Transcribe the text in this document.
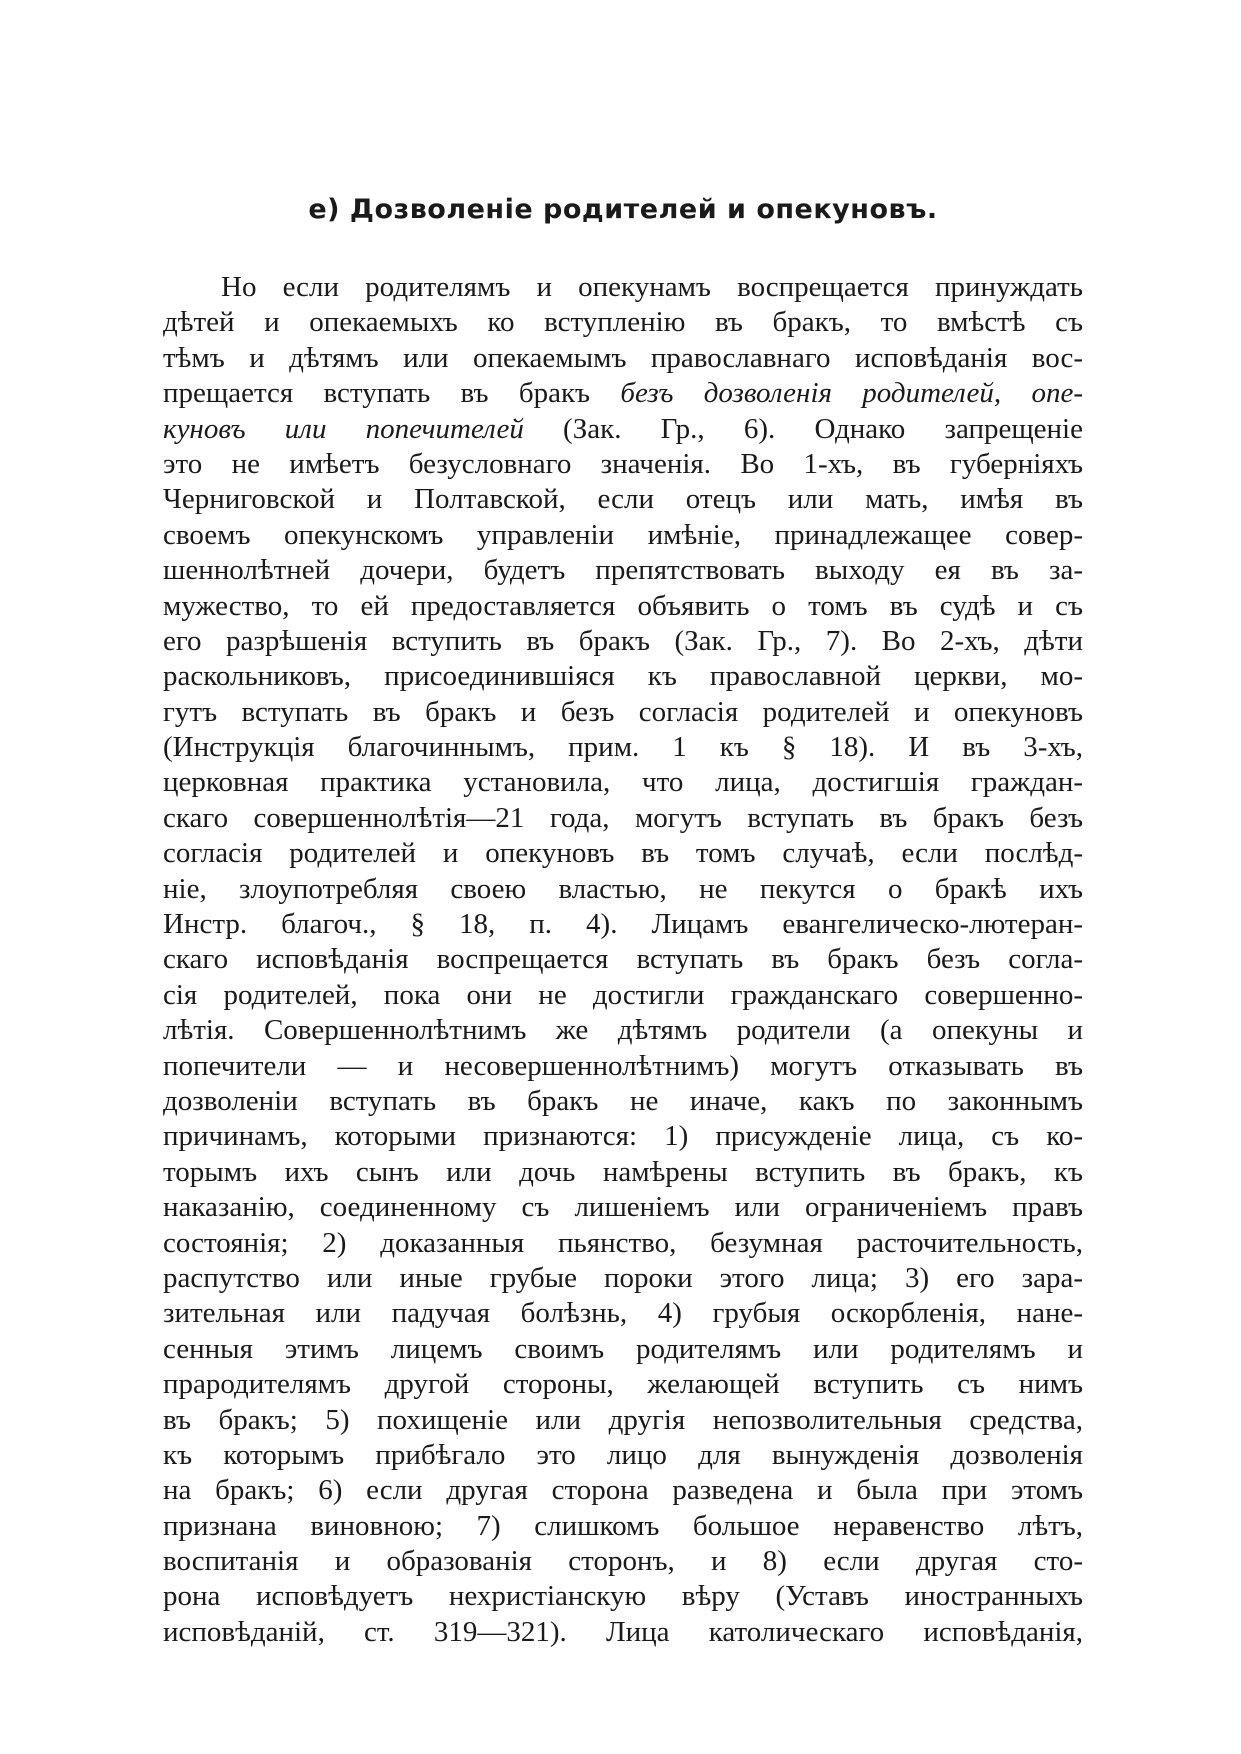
е) Дозволеніе родителей и опекуновъ.
Но если родителямъ и опекунамъ воспрещается принуждать
дѣтей и опекаемыхъ ко вступленію въ бракъ, то вмѣстѣ съ
тѣмъ и дѣтямъ или опекаемымъ православнаго исповѣданія вос-
прещается вступать въ бракъ безъ дозволенія родителей, опе-
куновъ или попечителей (Зак. Гр., 6). Однако запрещеніе
это не имѣетъ безусловнаго значенія. Во 1-хъ, въ губерніяхъ
Черниговской и Полтавской, если отецъ или мать, имѣя въ
своемъ опекунскомъ управленіи имѣніе, принадлежащее совер-
шеннолѣтней дочери, будетъ препятствовать выходу ея въ за-
мужество, то ей предоставляется объявить о томъ въ судѣ и съ
его разрѣшенія вступить въ бракъ (Зак. Гр., 7). Во 2-хъ, дѣти
раскольниковъ, присоединившіяся къ православной церкви, мо-
гутъ вступать въ бракъ и безъ согласія родителей и опекуновъ
(Инструкція благочиннымъ, прим. 1 къ § 18). И въ 3-хъ,
церковная практика установила, что лица, достигшія граждан-
скаго совершеннолѣтія—21 года, могутъ вступать въ бракъ безъ
согласія родителей и опекуновъ въ томъ случаѣ, если послѣд-
ніе, злоупотребляя своею властью, не пекутся о бракѣ ихъ
Инстр. благоч., § 18, п. 4). Лицамъ евангелическо-лютеран-
скаго исповѣданія воспрещается вступать въ бракъ безъ согла-
сія родителей, пока они не достигли гражданскаго совершенно-
лѣтія. Совершеннолѣтнимъ же дѣтямъ родители (а опекуны и
попечители — и несовершеннолѣтнимъ) могутъ отказывать въ
дозволеніи вступать въ бракъ не иначе, какъ по законнымъ
причинамъ, которыми признаются: 1) присужденіе лица, съ ко-
торымъ ихъ сынъ или дочь намѣрены вступить въ бракъ, къ
наказанію, соединенному съ лишеніемъ или ограниченіемъ правъ
состоянія; 2) доказанныя пьянство, безумная расточительность,
распутство или иные грубые пороки этого лица; 3) его зара-
зительная или падучая болѣзнь, 4) грубыя оскорбленія, нане-
сенныя этимъ лицемъ своимъ родителямъ или родителямъ и
прародителямъ другой стороны, желающей вступить съ нимъ
въ бракъ; 5) похищеніе или другія непозволительныя средства,
къ которымъ прибѣгало это лицо для вынужденія дозволенія
на бракъ; 6) если другая сторона разведена и была при этомъ
признана виновною; 7) слишкомъ большое неравенство лѣтъ,
воспитанія и образованія сторонъ, и 8) если другая сто-
рона исповѣдуетъ нехристіанскую вѣру (Уставъ иностранныхъ
исповѣданій, ст. 319—321). Лица католическаго исповѣданія,
